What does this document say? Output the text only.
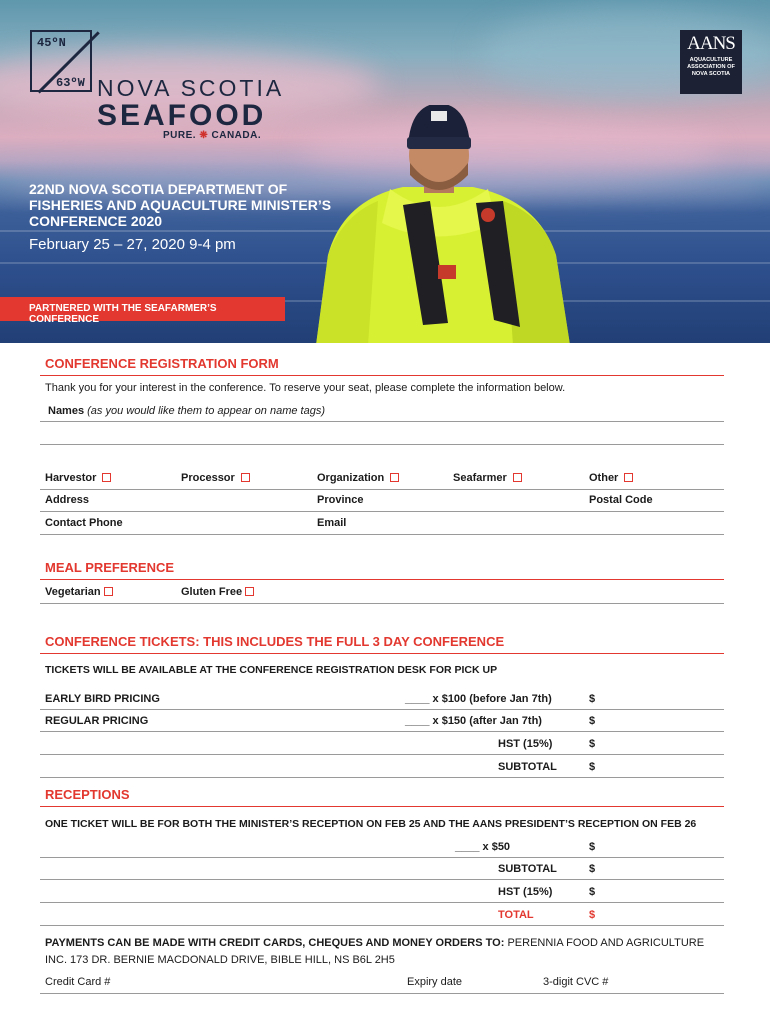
45ºN
63ºW NOVA SCOTIA
SEAFOOD
PURE. ❋ CANADA.
AANS
AQUACULTURE ASSOCIATION OF NOVA SCOTIA
22ND NOVA SCOTIA DEPARTMENT OF FISHERIES AND AQUACULTURE MINISTER’S CONFERENCE 2020
February 25 – 27, 2020 9-4 pm
PARTNERED WITH THE SEAFARMER’S CONFERENCE
CONFERENCE REGISTRATION FORM
Thank you for your interest in the conference. To reserve your seat, please complete the information below.
Names (as you would like them to appear on name tags)
Harvestor	Processor	Organization	Seafarmer	Other
Address	Province	Postal Code
Contact Phone	Email
MEAL PREFERENCE
Vegetarian	Gluten Free
CONFERENCE TICKETS: THIS INCLUDES THE FULL 3 DAY CONFERENCE
TICKETS WILL BE AVAILABLE AT THE CONFERENCE REGISTRATION DESK FOR PICK UP
EARLY BIRD PRICING	____ x $100 (before Jan 7th)	$
REGULAR PRICING	____ x $150 (after Jan 7th)	$
HST (15%)	$
SUBTOTAL	$
RECEPTIONS
ONE TICKET WILL BE FOR BOTH THE MINISTER’S RECEPTION ON FEB 25 AND THE AANS PRESIDENT’S RECEPTION ON FEB 26
____ x $50	$
SUBTOTAL	$
HST (15%)	$
TOTAL	$
PAYMENTS CAN BE MADE WITH CREDIT CARDS, CHEQUES AND MONEY ORDERS TO: PERENNIA FOOD AND AGRICULTURE
INC. 173 DR. BERNIE MACDONALD DRIVE, BIBLE HILL, NS B6L 2H5
Credit Card #	Expiry date	3-digit CVC #
